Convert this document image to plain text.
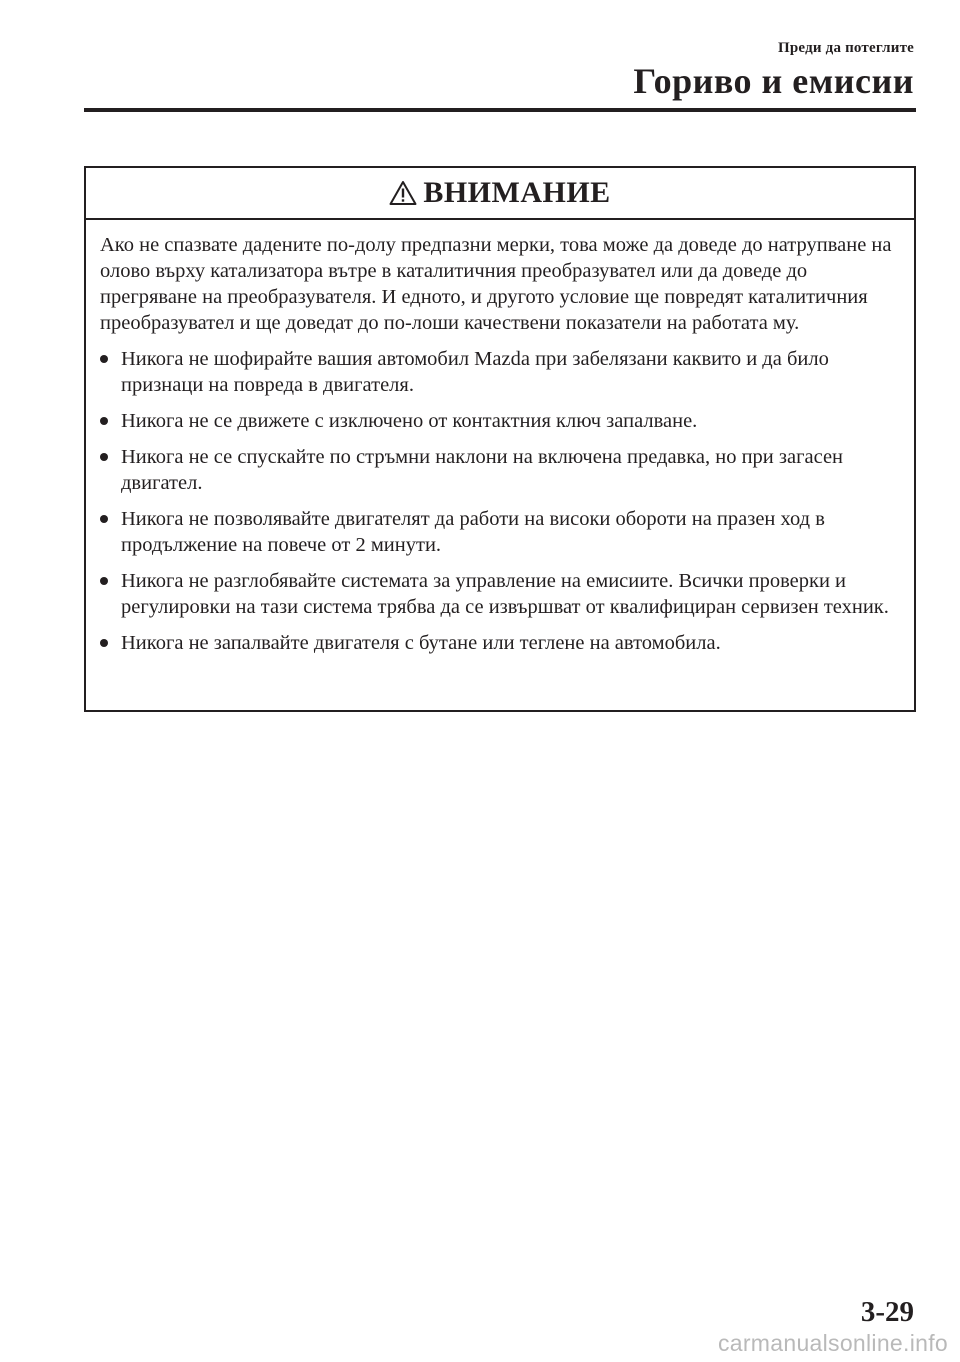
Преди да потеглите
Гориво и емисии
ВНИМАНИЕ

Ако не спазвате дадените по-долу предпазни мерки, това може да доведе до натрупване на олово върху катализатора вътре в каталитичния преобразувател или да доведе до прегряване на преобразувателя. И едното, и другото условие ще повредят каталитичния преобразувател и ще доведат до по-лоши качествени показатели на работата му.

Никога не шофирайте вашия автомобил Mazda при забелязани каквито и да било признаци на повреда в двигателя.
Никога не се движете с изключено от контактния ключ запалване.
Никога не се спускайте по стръмни наклони на включена предавка, но при загасен двигател.
Никога не позволявайте двигателят да работи на високи обороти на празен ход в продължение на повече от 2 минути.
Никога не разглобявайте системата за управление на емисиите. Всички проверки и регулировки на тази система трябва да се извършват от квалифициран сервизен техник.
Никога не запалвайте двигателя с бутане или теглене на автомобила.
3-29
carmanualsonline.info
